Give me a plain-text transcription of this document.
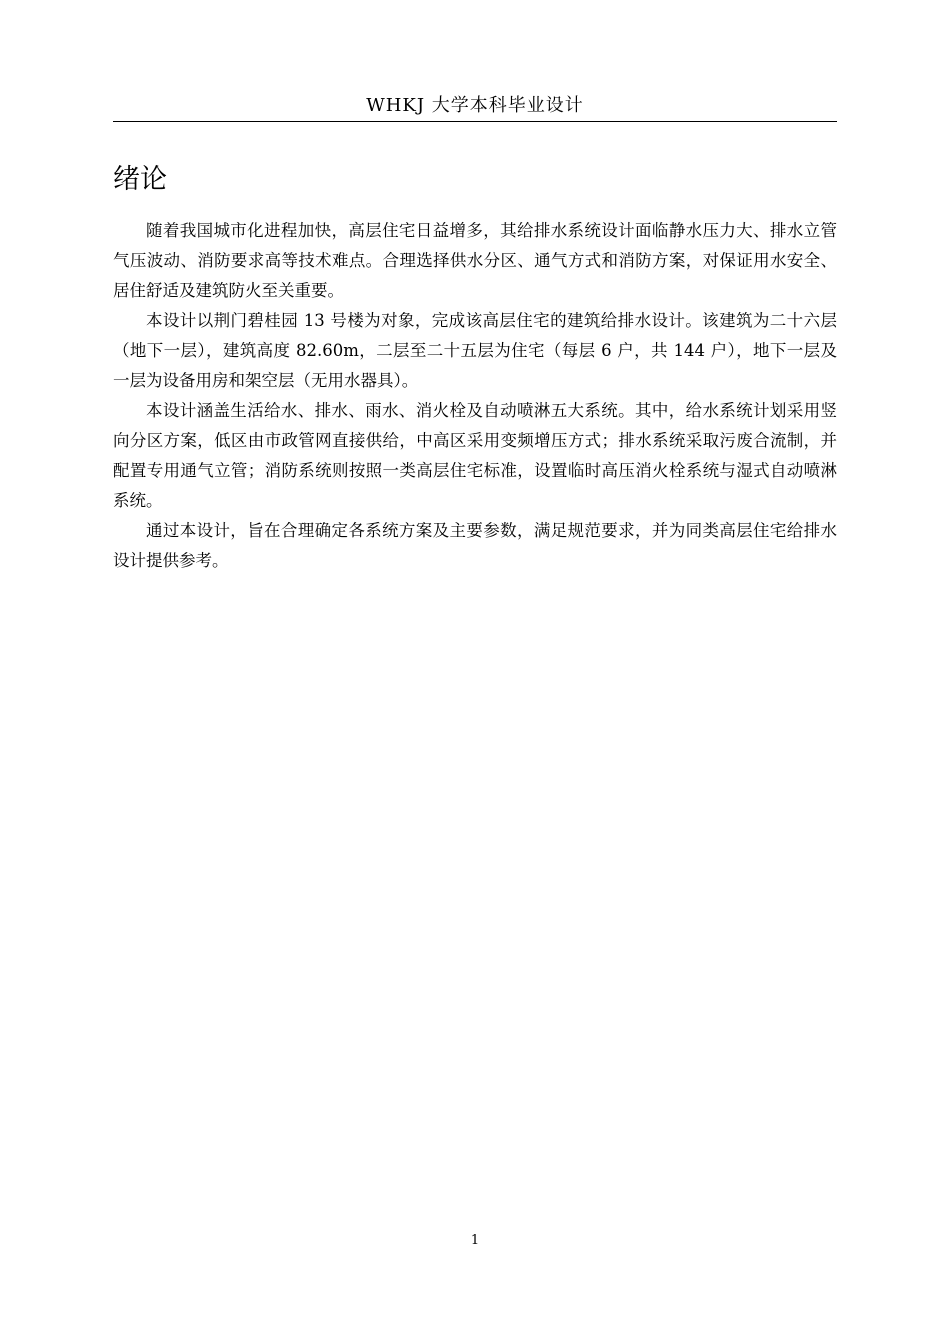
WHKJ 大学本科毕业设计
绪论

随着我国城市化进程加快，高层住宅日益增多，其给排水系统设计面临静水压力大、排水立管气压波动、消防要求高等技术难点。合理选择供水分区、通气方式和消防方案，对保证用水安全、居住舒适及建筑防火至关重要。

本设计以荆门碧桂园 13 号楼为对象，完成该高层住宅的建筑给排水设计。该建筑为二十六层（地下一层），建筑高度 82.60m，二层至二十五层为住宅（每层 6 户，共 144 户），地下一层及一层为设备用房和架空层（无用水器具）。

本设计涵盖生活给水、排水、雨水、消火栓及自动喷淋五大系统。其中，给水系统计划采用竖向分区方案，低区由市政管网直接供给，中高区采用变频增压方式；排水系统采取污废合流制，并配置专用通气立管；消防系统则按照一类高层住宅标准，设置临时高压消火栓系统与湿式自动喷淋系统。

通过本设计，旨在合理确定各系统方案及主要参数，满足规范要求，并为同类高层住宅给排水设计提供参考。

1
